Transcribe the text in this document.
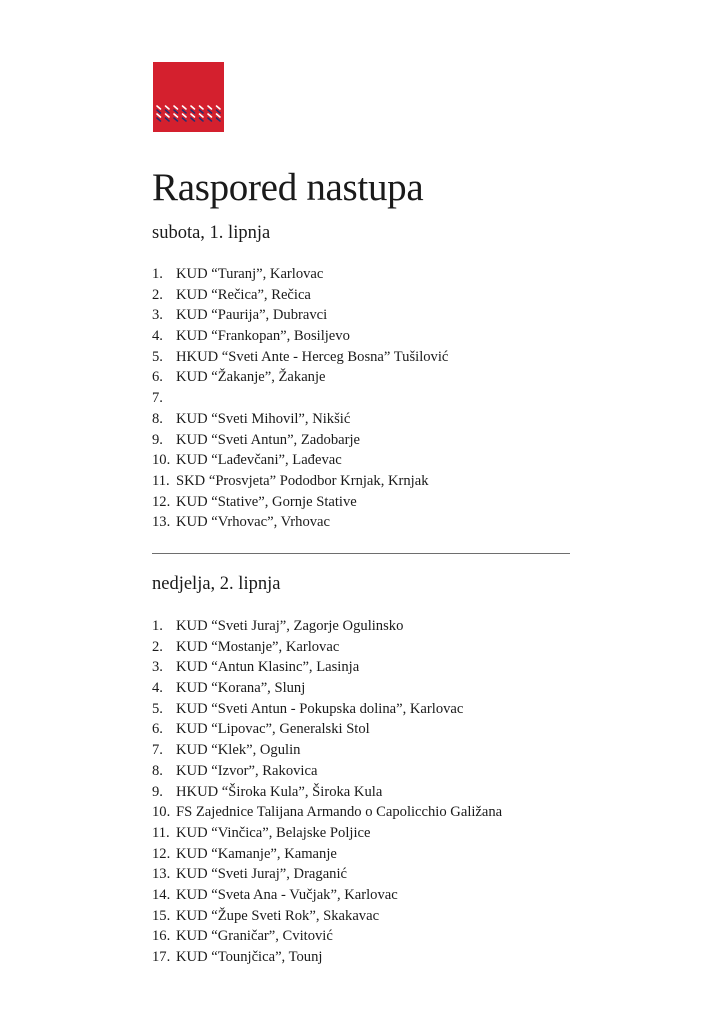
Raspored nastupa
subota, 1. lipnja
1. KUD “Turanj”, Karlovac
2. KUD “Rečica”, Rečica
3. KUD “Paurija”, Dubravci
4. KUD “Frankopan”, Bosiljevo
5. HKUD “Sveti Ante - Herceg Bosna” Tušilović
6. KUD “Žakanje”, Žakanje
7.
8. KUD “Sveti Mihovil”, Nikšić
9. KUD “Sveti Antun”, Zadobarje
10. KUD “Lađevčani”, Lađevac
11. SKD “Prosvjeta” Pododbor Krnjak, Krnjak
12. KUD “Stative”, Gornje Stative
13. KUD “Vrhovac”, Vrhovac
nedjelja, 2. lipnja
1. KUD “Sveti Juraj”, Zagorje Ogulinsko
2. KUD “Mostanje”, Karlovac
3. KUD “Antun Klasinc”, Lasinja
4. KUD “Korana”, Slunj
5. KUD “Sveti Antun - Pokupska dolina”, Karlovac
6. KUD “Lipovac”, Generalski Stol
7. KUD “Klek”, Ogulin
8. KUD “Izvor”, Rakovica
9. HKUD “Široka Kula”, Široka Kula
10. FS Zajednice Talijana Armando o Capolicchio Galižana
11. KUD “Vinčica”, Belajske Poljice
12. KUD “Kamanje”, Kamanje
13. KUD “Sveti Juraj”, Draganić
14. KUD “Sveta Ana - Vučjak”, Karlovac
15. KUD “Župe Sveti Rok”, Skakavac
16. KUD “Graničar”, Cvitović
17. KUD “Tounjčica”, Tounj
